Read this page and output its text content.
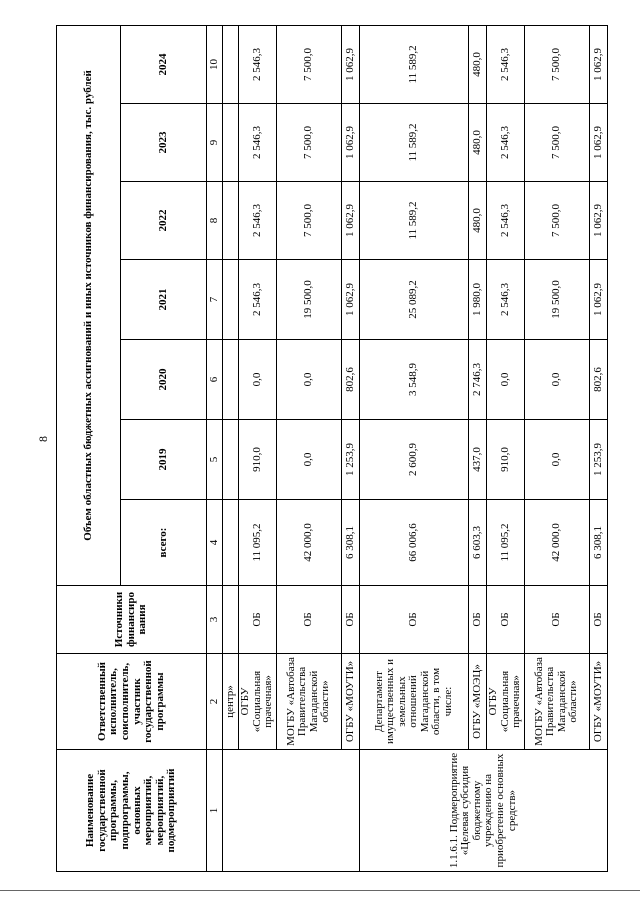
8
Наименование государственной программы, подпрограммы, основных мероприятий, мероприятий, подмероприятий	Ответственный исполнитель, соисполнитель, участник государственной программы	Источники финансиро вания	Объем областных бюджетных ассигнований и иных источников финансирования, тыс. рублей						
			всего:	2019	2020	2021	2022	2023	2024
1	2	3	4	5	6	7	8	9	10
	центр»								
	ОГБУ «Социальная прачечная»	ОБ	11 095,2	910,0	0,0	2 546,3	2 546,3	2 546,3	2 546,3
	МОГБУ «Автобаза Правительства Магаданской области»	ОБ	42 000,0	0,0	0,0	19 500,0	7 500,0	7 500,0	7 500,0
	ОГБУ «МОУТИ»	ОБ	6 308,1	1 253,9	802,6	1 062,9	1 062,9	1 062,9	1 062,9
1.1.6.1. Подмероприятие «Целевая субсидия бюджетному учреждению на приобретение основных средств»	Департамент имущественных и земельных отношений Магаданской области, в том числе:	ОБ	66 006,6	2 600,9	3 548,9	25 089,2	11 589,2	11 589,2	11 589,2
	ОГБУ «МОЭЦ»	ОБ	6 603,3	437,0	2 746,3	1 980,0	480,0	480,0	480,0
	ОГБУ «Социальная прачечная»	ОБ	11 095,2	910,0	0,0	2 546,3	2 546,3	2 546,3	2 546,3
	МОГБУ «Автобаза Правительства Магаданской области»	ОБ	42 000,0	0,0	0,0	19 500,0	7 500,0	7 500,0	7 500,0
	ОГБУ «МОУТИ»	ОБ	6 308,1	1 253,9	802,6	1 062,9	1 062,9	1 062,9	1 062,9
